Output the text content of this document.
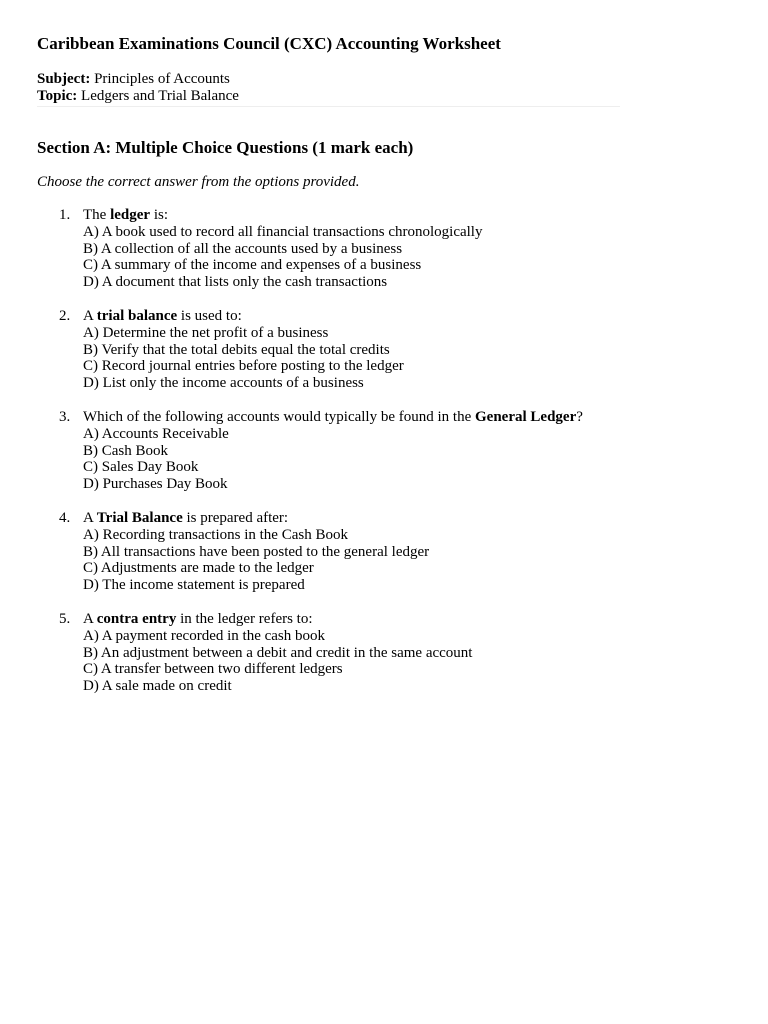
Caribbean Examinations Council (CXC) Accounting Worksheet
Subject: Principles of Accounts
Topic: Ledgers and Trial Balance
Section A: Multiple Choice Questions (1 mark each)

Choose the correct answer from the options provided.

1. The ledger is:
A) A book used to record all financial transactions chronologically
B) A collection of all the accounts used by a business
C) A summary of the income and expenses of a business
D) A document that lists only the cash transactions
2. A trial balance is used to:
A) Determine the net profit of a business
B) Verify that the total debits equal the total credits
C) Record journal entries before posting to the ledger
D) List only the income accounts of a business
3. Which of the following accounts would typically be found in the General Ledger?
A) Accounts Receivable
B) Cash Book
C) Sales Day Book
D) Purchases Day Book
4. A Trial Balance is prepared after:
A) Recording transactions in the Cash Book
B) All transactions have been posted to the general ledger
C) Adjustments are made to the ledger
D) The income statement is prepared
5. A contra entry in the ledger refers to:
A) A payment recorded in the cash book
B) An adjustment between a debit and credit in the same account
C) A transfer between two different ledgers
D) A sale made on credit
